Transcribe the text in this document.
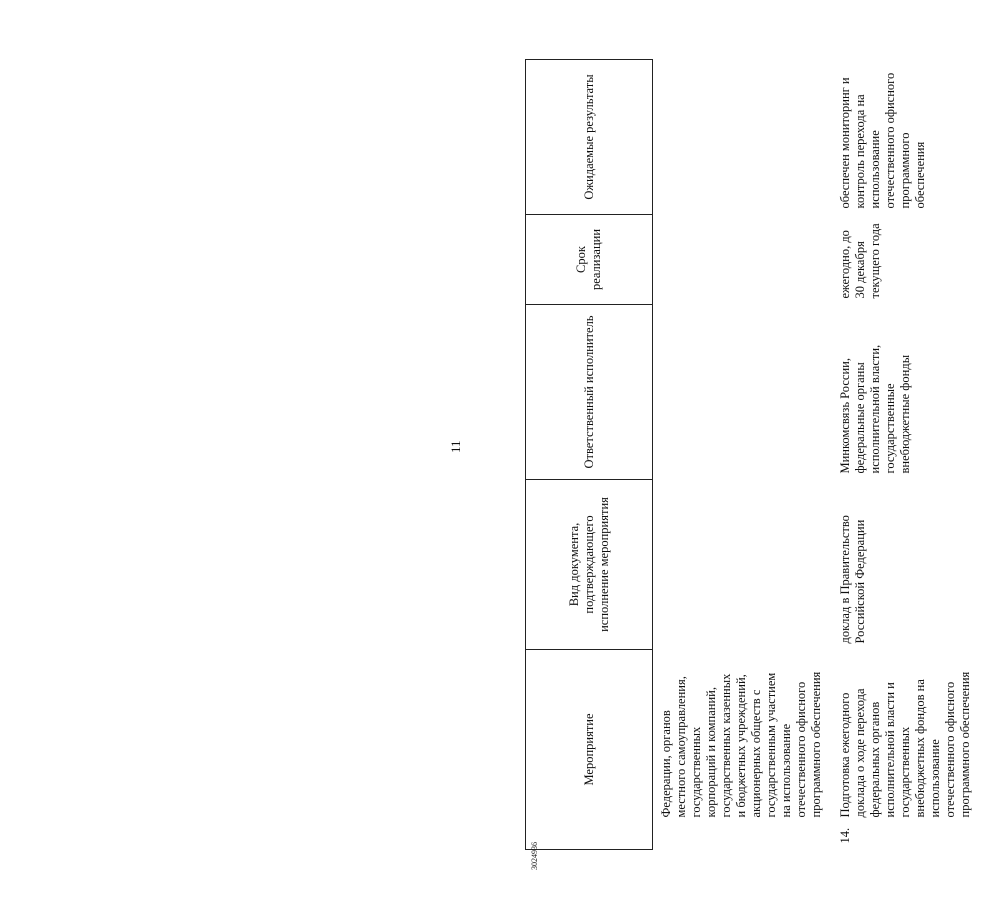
11
Мероприятие	Вид документа, подтверждающего исполнение мероприятия	Ответственный исполнитель	Срок реализации	Ожидаемые результаты

Федерации, органов местного самоуправления, государственных корпораций и компаний, государственных казенных и бюджетных учреждений, акционерных обществ с государственным участием на использование отечественного офисного программного обеспечения				

14.Подготовка ежегодного доклада о ходе перехода федеральных органов исполнительной власти и государственных внебюджетных фондов на использование отечественного офисного программного обеспечения	доклад в Правительство Российской Федерации	Минкомсвязь России, федеральные органы исполнительной власти, государственные внебюджетные фонды	ежегодно, до 30 декабря текущего года	обеспечен мониторинг и контроль перехода на использование отечественного офисного программного обеспечения
3024936
